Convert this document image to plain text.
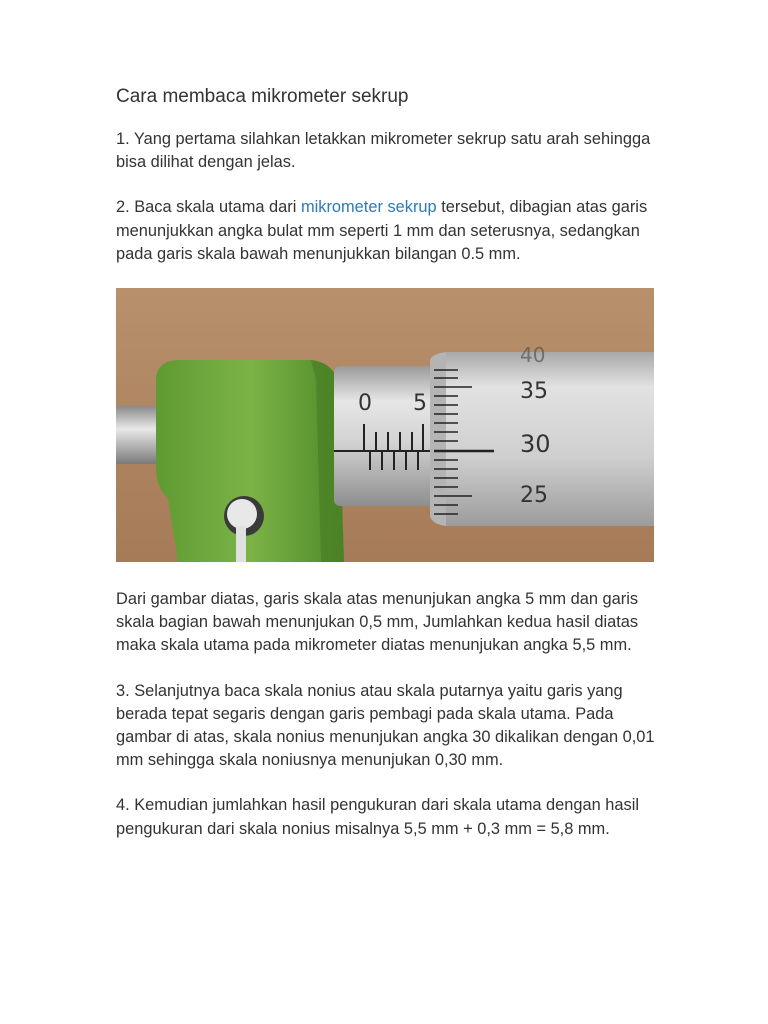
Cara membaca mikrometer sekrup

1. Yang pertama silahkan letakkan mikrometer sekrup satu arah sehingga bisa dilihat dengan jelas.

2. Baca skala utama dari mikrometer sekrup tersebut, dibagian atas garis menunjukkan angka bulat mm seperti 1 mm dan seterusnya, sedangkan pada garis skala bawah menunjukkan bilangan 0.5 mm.

0 5
40
35
30
25

Dari gambar diatas, garis skala atas menunjukan angka 5 mm dan garis skala bagian bawah menunjukan 0,5 mm, Jumlahkan kedua hasil diatas maka skala utama pada mikrometer diatas menunjukan angka 5,5 mm.

3. Selanjutnya baca skala nonius atau skala putarnya yaitu garis yang berada tepat segaris dengan garis pembagi pada skala utama. Pada gambar di atas, skala nonius menunjukan angka 30 dikalikan dengan 0,01 mm sehingga skala noniusnya menunjukan 0,30 mm.

4. Kemudian jumlahkan hasil pengukuran dari skala utama dengan hasil pengukuran dari skala nonius misalnya 5,5 mm + 0,3 mm = 5,8 mm.
